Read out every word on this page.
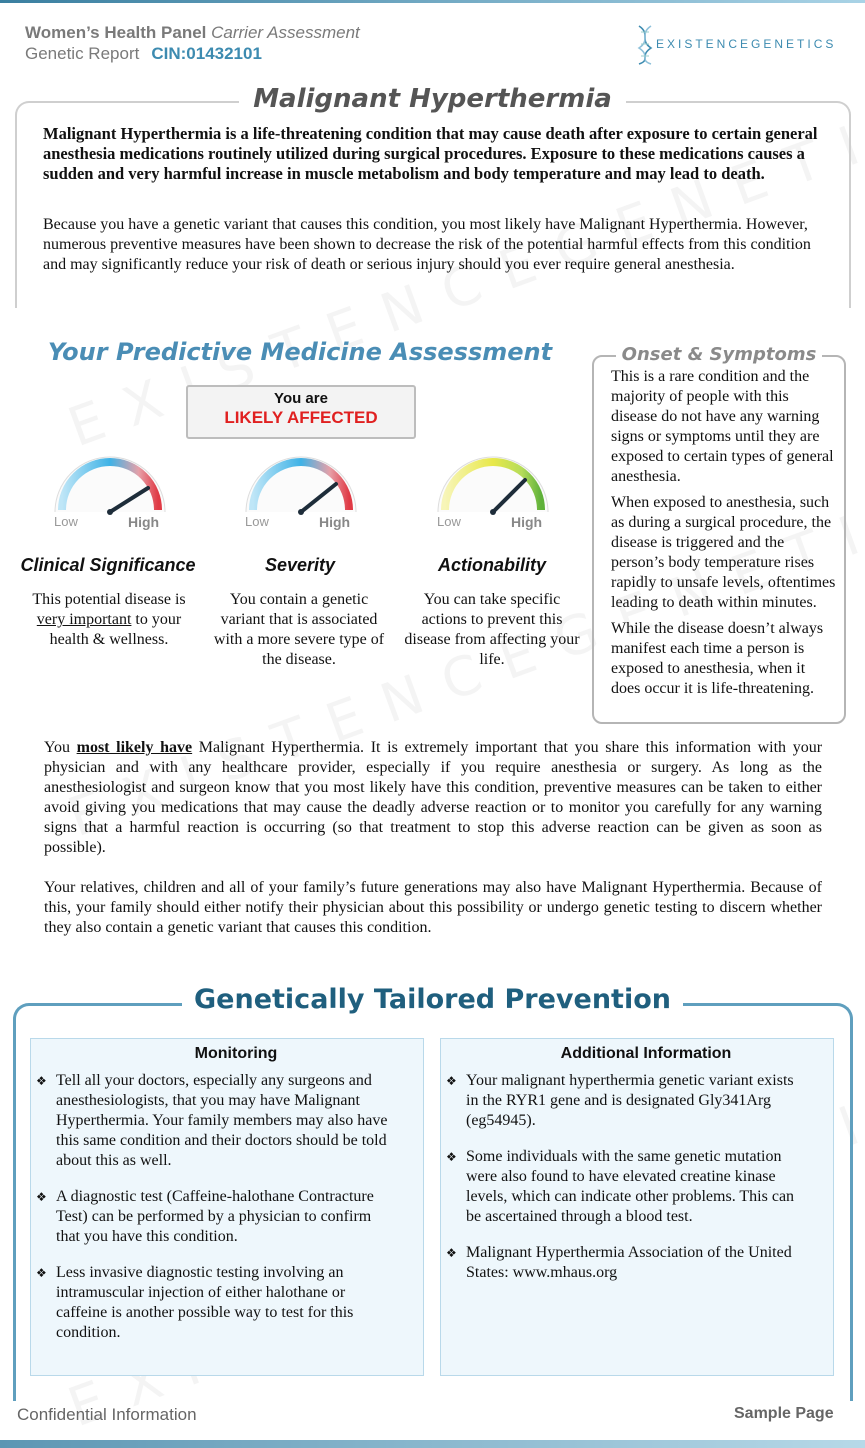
Women’s Health Panel Carrier Assessment
Genetic Report CIN:01432101	EXISTENCEGENETICS
Malignant Hyperthermia
Malignant Hyperthermia is a life-threatening condition that may cause death after exposure to certain general anesthesia medications routinely utilized during surgical procedures. Exposure to these medications causes a sudden and very harmful increase in muscle metabolism and body temperature and may lead to death.
Because you have a genetic variant that causes this condition, you most likely have Malignant Hyperthermia. However, numerous preventive measures have been shown to decrease the risk of the potential harmful effects from this condition and may significantly reduce your risk of death or serious injury should you ever require general anesthesia.
Your Predictive Medicine Assessment
You are
LIKELY AFFECTED
Low	High	Low	High	Low	High
Clinical Significance	Severity	Actionability
This potential disease is very important to your health & wellness.
You contain a genetic variant that is associated with a more severe type of the disease.
You can take specific actions to prevent this disease from affecting your life.
Onset & Symptoms

This is a rare condition and the majority of people with this disease do not have any warning signs or symptoms until they are exposed to certain types of general anesthesia.

When exposed to anesthesia, such as during a surgical procedure, the disease is triggered and the person’s body temperature rises rapidly to unsafe levels, oftentimes leading to death within minutes.

While the disease doesn’t always manifest each time a person is exposed to anesthesia, when it does occur it is life-threatening.

You most likely have Malignant Hyperthermia. It is extremely important that you share this information with your physician and with any healthcare provider, especially if you require anesthesia or surgery. As long as the anesthesiologist and surgeon know that you most likely have this condition, preventive measures can be taken to either avoid giving you medications that may cause the deadly adverse reaction or to monitor you carefully for any warning signs that a harmful reaction is occurring (so that treatment to stop this adverse reaction can be given as soon as possible).
Your relatives, children and all of your family’s future generations may also have Malignant Hyperthermia. Because of this, your family should either notify their physician about this possibility or undergo genetic testing to discern whether they also contain a genetic variant that causes this condition.
Genetically Tailored Prevention
Monitoring	Additional Information
❖ Tell all your doctors, especially any surgeons and anesthesiologists, that you may have Malignant Hyperthermia. Your family members may also have this same condition and their doctors should be told about this as well.
❖ A diagnostic test (Caffeine-halothane Contracture Test) can be performed by a physician to confirm that you have this condition.
❖ Less invasive diagnostic testing involving an intramuscular injection of either halothane or caffeine is another possible way to test for this condition.
❖ Your malignant hyperthermia genetic variant exists in the RYR1 gene and is designated Gly341Arg (eg54945).
❖ Some individuals with the same genetic mutation were also found to have elevated creatine kinase levels, which can indicate other problems. This can be ascertained through a blood test.
❖ Malignant Hyperthermia Association of the United States: www.mhaus.org
Confidential Information	Sample Page
